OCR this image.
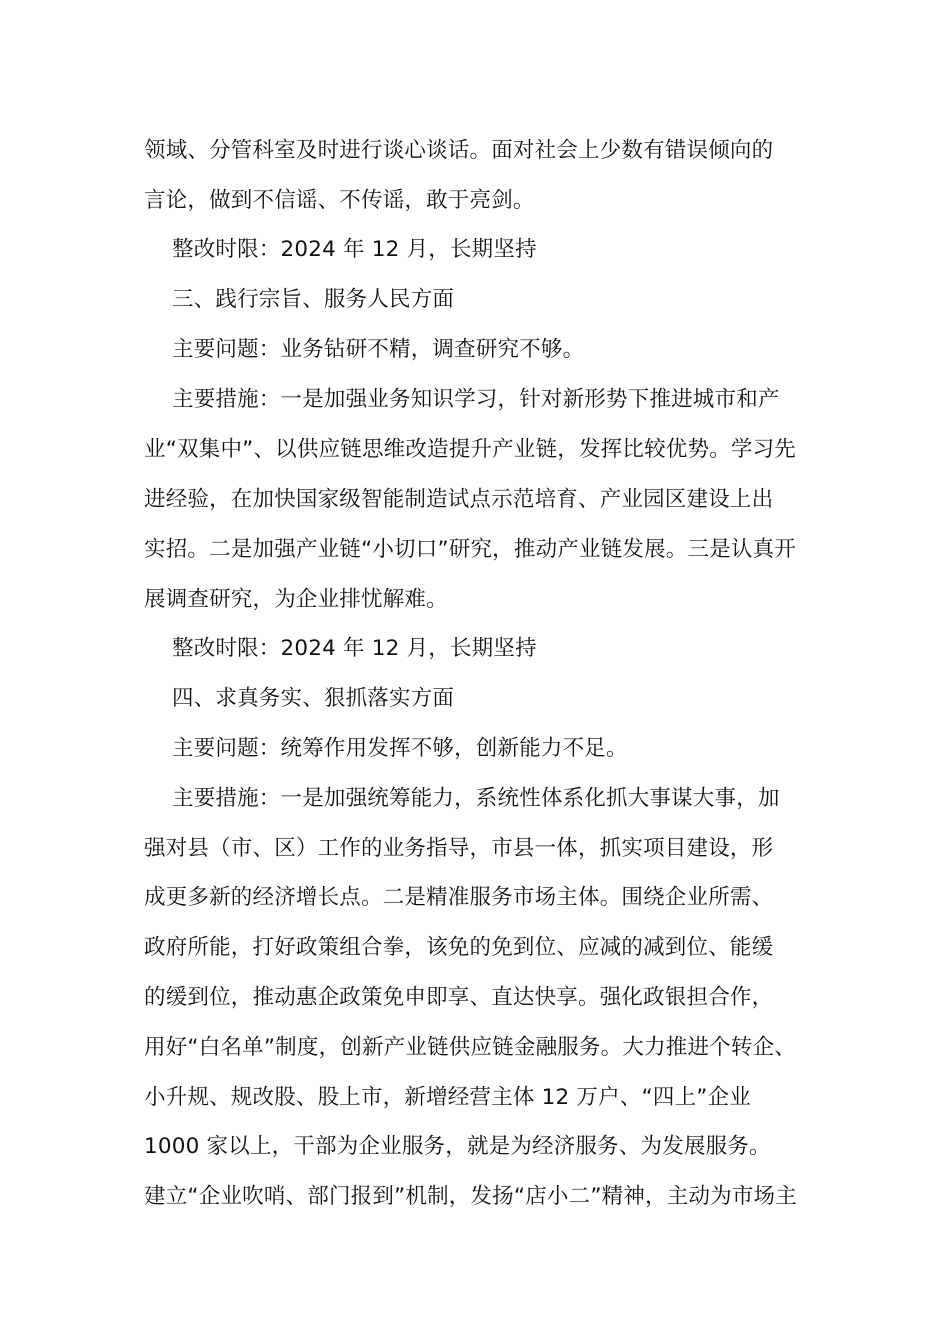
领域、分管科室及时进行谈心谈话。面对社会上少数有错误倾向的
言论，做到不信谣、不传谣，敢于亮剑。
整改时限：2024 年 12 月，长期坚持
三、践行宗旨、服务人民方面
主要问题：业务钻研不精，调查研究不够。
主要措施：一是加强业务知识学习，针对新形势下推进城市和产
业“双集中”、以供应链思维改造提升产业链，发挥比较优势。学习先
进经验，在加快国家级智能制造试点示范培育、产业园区建设上出
实招。二是加强产业链“小切口”研究，推动产业链发展。三是认真开
展调查研究，为企业排忧解难。
整改时限：2024 年 12 月，长期坚持
四、求真务实、狠抓落实方面
主要问题：统筹作用发挥不够，创新能力不足。
主要措施：一是加强统筹能力，系统性体系化抓大事谋大事，加
强对县（市、区）工作的业务指导，市县一体，抓实项目建设，形
成更多新的经济增长点。二是精准服务市场主体。围绕企业所需、
政府所能，打好政策组合拳，该免的免到位、应减的减到位、能缓
的缓到位，推动惠企政策免申即享、直达快享。强化政银担合作，
用好“白名单”制度，创新产业链供应链金融服务。大力推进个转企、
小升规、规改股、股上市，新增经营主体 12 万户、“四上”企业
1000 家以上，干部为企业服务，就是为经济服务、为发展服务。
建立“企业吹哨、部门报到”机制，发扬“店小二”精神，主动为市场主
